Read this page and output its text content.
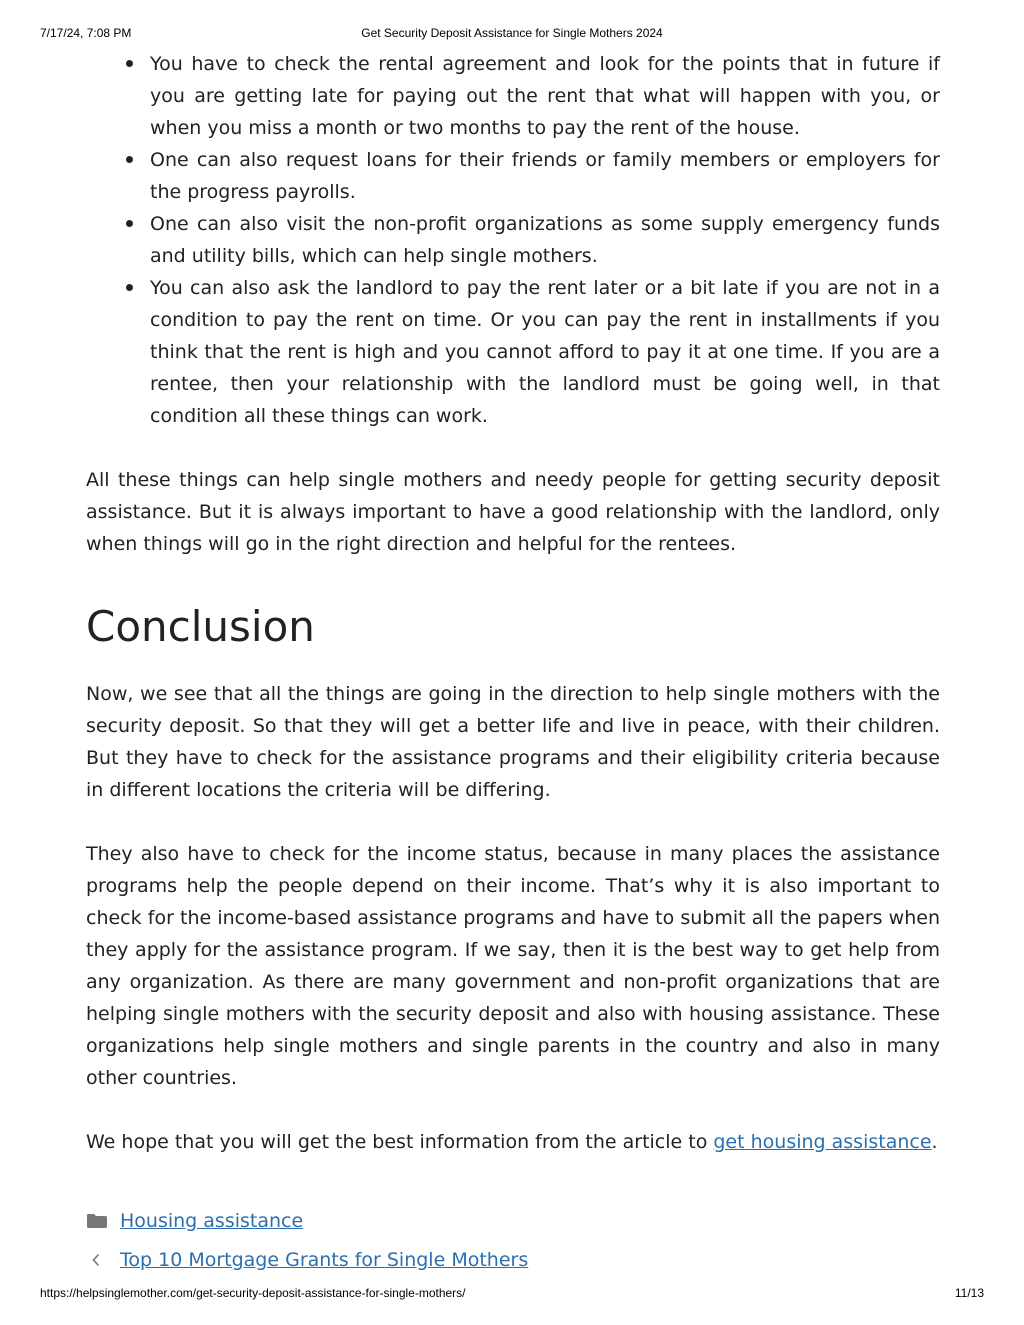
7/17/24, 7:08 PM	Get Security Deposit Assistance for Single Mothers 2024
You have to check the rental agreement and look for the points that in future if you are getting late for paying out the rent that what will happen with you, or when you miss a month or two months to pay the rent of the house.
One can also request loans for their friends or family members or employers for the progress payrolls.
One can also visit the non-profit organizations as some supply emergency funds and utility bills, which can help single mothers.
You can also ask the landlord to pay the rent later or a bit late if you are not in a condition to pay the rent on time. Or you can pay the rent in installments if you think that the rent is high and you cannot afford to pay it at one time. If you are a rentee, then your relationship with the landlord must be going well, in that condition all these things can work.

All these things can help single mothers and needy people for getting security deposit assistance. But it is always important to have a good relationship with the landlord, only when things will go in the right direction and helpful for the rentees.

Conclusion

Now, we see that all the things are going in the direction to help single mothers with the security deposit. So that they will get a better life and live in peace, with their children. But they have to check for the assistance programs and their eligibility criteria because in different locations the criteria will be differing.

They also have to check for the income status, because in many places the assistance programs help the people depend on their income. That’s why it is also important to check for the income-based assistance programs and have to submit all the papers when they apply for the assistance program. If we say, then it is the best way to get help from any organization. As there are many government and non-profit organizations that are helping single mothers with the security deposit and also with housing assistance. These organizations help single mothers and single parents in the country and also in many other countries.

We hope that you will get the best information from the article to get housing assistance.

Housing assistance
Top 10 Mortgage Grants for Single Mothers
https://helpsinglemother.com/get-security-deposit-assistance-for-single-mothers/	11/13
